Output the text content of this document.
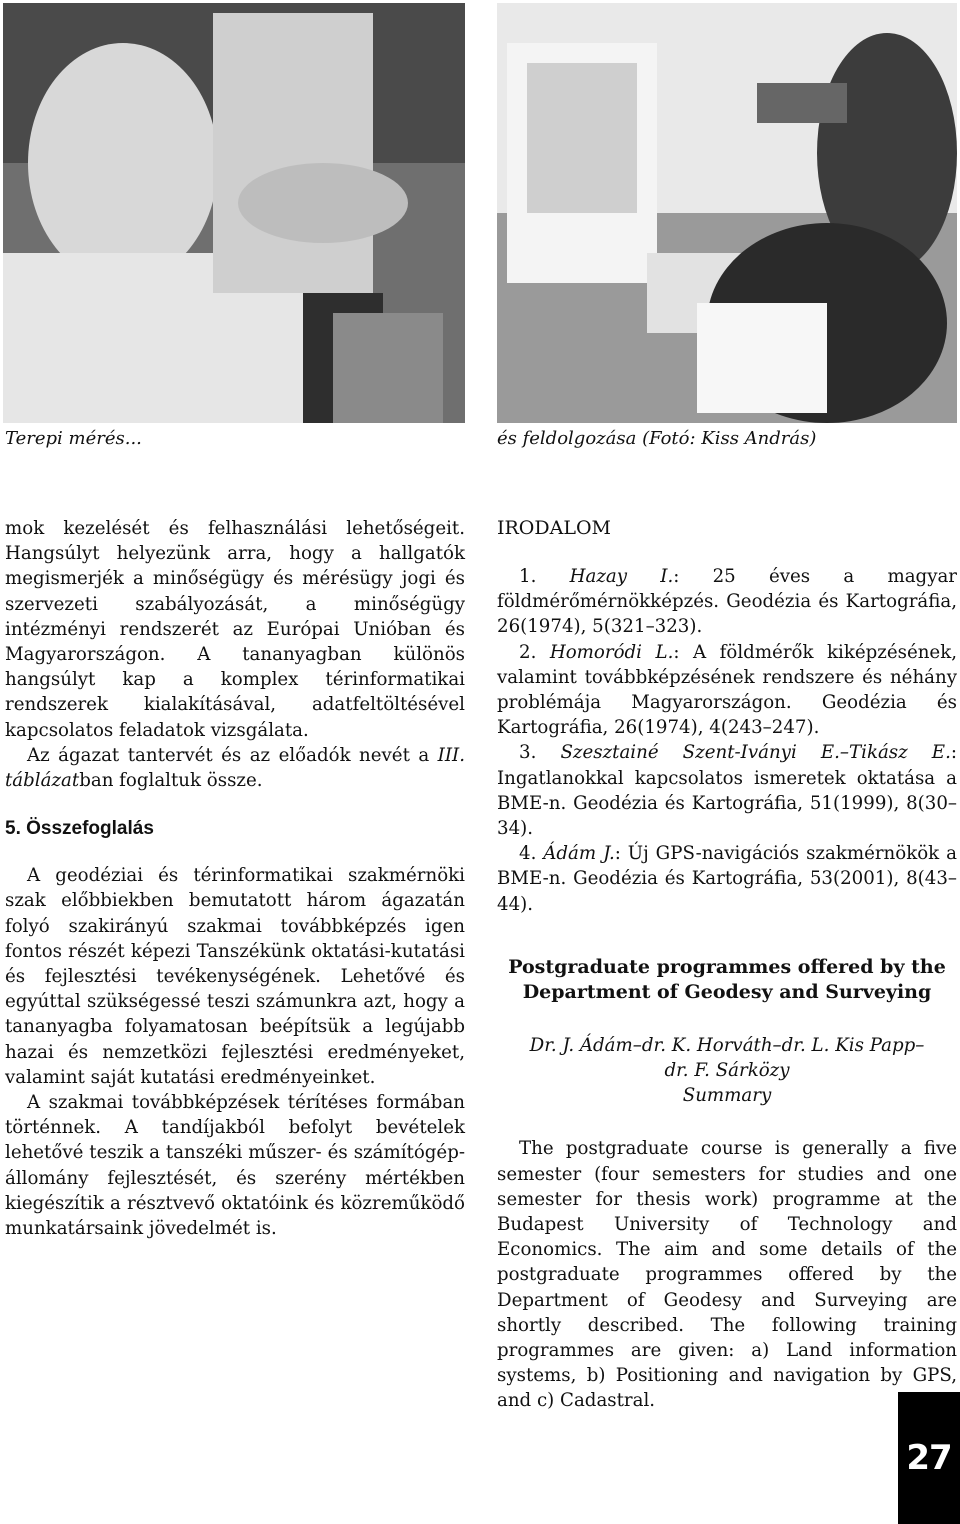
Terepi mérés...	és feldolgozása (Fotó: Kiss András)

mok kezelését és felhasználási lehetőségeit. Hangsúlyt helyezünk arra, hogy a hallgatók megismerjék a minőségügy és mérésügy jogi és szervezeti szabályozását, a minőségügy intézményi rendszerét az Európai Unióban és Magyarországon. A tananyagban különös hangsúlyt kap a komplex térinformatikai rendszerek kialakításával, adatfeltöltésével kapcsolatos feladatok vizsgálata.

Az ágazat tantervét és az előadók nevét a III. táblázatban foglaltuk össze.

5. Összefoglalás

A geodéziai és térinformatikai szakmérnöki szak előbbiekben bemutatott három ágazatán folyó szakirányú szakmai továbbképzés igen fontos részét képezi Tanszékünk oktatási-kutatási és fejlesztési tevékenységének. Lehetővé és egyúttal szükségessé teszi számunkra azt, hogy a tananyagba folyamatosan beépítsük a legújabb hazai és nemzetközi fejlesztési eredményeket, valamint saját kutatási eredményeinket.

A szakmai továbbképzések térítéses formában történnek. A tandíjakból befolyt bevételek lehetővé teszik a tanszéki műszer- és számítógép-állomány fejlesztését, és szerény mértékben kiegészítik a résztvevő oktatóink és közreműködő munkatársaink jövedelmét is.

IRODALOM

1. Hazay I.: 25 éves a magyar földmérőmérnökképzés. Geodézia és Kartográfia, 26(1974), 5(321–323).

2. Homoródi L.: A földmérők kiképzésének, valamint továbbképzésének rendszere és néhány problémája Magyarországon. Geodézia és Kartográfia, 26(1974), 4(243–247).

3. Szesztainé Szent-Iványi E.–Tikász E.: Ingatlanokkal kapcsolatos ismeretek oktatása a BME-n. Geodézia és Kartográfia, 51(1999), 8(30–34).

4. Ádám J.: Új GPS-navigációs szakmérnökök a BME-n. Geodézia és Kartográfia, 53(2001), 8(43–44).

Postgraduate programmes offered by the Department of Geodesy and Surveying
Dr. J. Ádám–dr. K. Horváth–dr. L. Kis Papp–
dr. F. Sárközy
Summary

The postgraduate course is generally a five semester (four semesters for studies and one semester for thesis work) programme at the Budapest University of Technology and Economics. The aim and some details of the postgraduate programmes offered by the Department of Geodesy and Surveying are shortly described. The following training programmes are given: a) Land information systems, b) Positioning and navigation by GPS, and c) Cadastral.

27
